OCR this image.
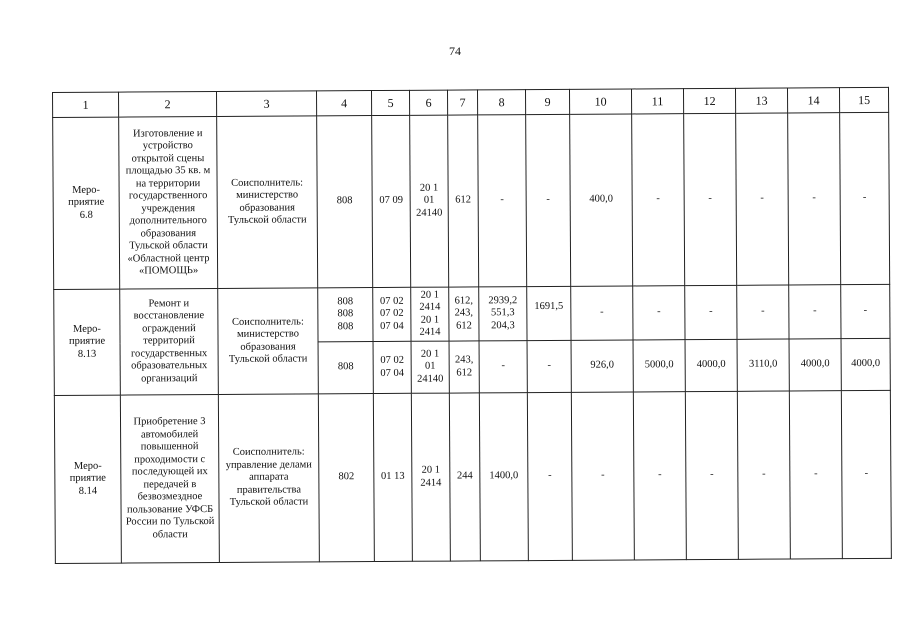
74
1	2	3	4	5	6	7	8	9	10	11	12	13	14	15

Меро-
приятие
6.8	Изготовление и устройство открытой сцены площадью 35 кв. м на территории государственного учреждения дополнительного образования Тульской области «Областной центр «ПОМОЩЬ»	Соисполнитель: министерство образования Тульской области	808	07 09	20 1
01
24140	612	-	-	400,0	-	-	-	-	-

Меро-
приятие
8.13	Ремонт и восстановление ограждений территорий государственных образовательных организаций	Соисполнитель: министерство образования Тульской области	808
808
808	07 02
07 02
07 04	20 1
2414
20 1
2414	612,
243,
612	2939,2
551,3
204,3	1691,5	-	-	-	-	-	-
			808	07 02
07 04	20 1
01
24140	243,
612	-	-	926,0	5000,0	4000,0	3110,0	4000,0	4000,0

Меро-
приятие
8.14	Приобретение 3 автомобилей повышенной проходимости с последующей их передачей в безвозмездное пользование УФСБ России по Тульской области	Соисполнитель: управление делами аппарата правительства Тульской области	802	01 13	20 1
2414	244	1400,0	-	-	-	-	-	-	-
